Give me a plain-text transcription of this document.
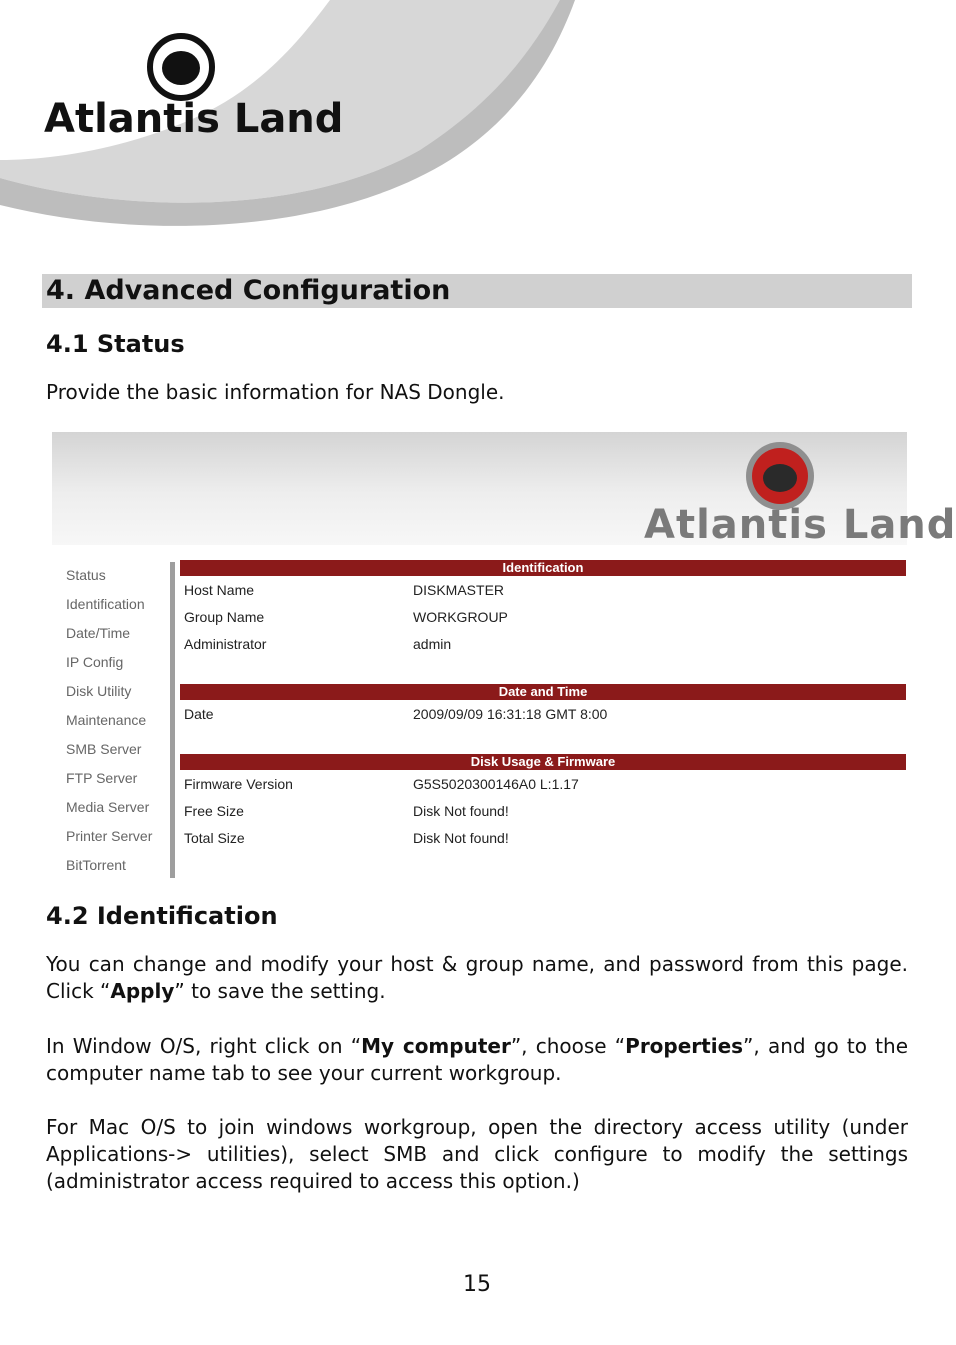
Atlantis Land
4. Advanced Configuration
4.1 Status

Provide the basic information for NAS Dongle.

Atlantis Land
Status
Identification
Date/Time
IP Config
Disk Utility
Maintenance
SMB Server
FTP Server
Media Server
Printer Server
BitTorrent
Identification
Host Name	DISKMASTER
Group Name	WORKGROUP
Administrator	admin
Date and Time
Date	2009/09/09 16:31:18 GMT 8:00
Disk Usage & Firmware
Firmware Version	G5S5020300146A0 L:1.17
Free Size	Disk Not found!
Total Size	Disk Not found!
4.2 Identification

You can change and modify your host & group name, and password from this page. Click “Apply” to save the setting.

In Window O/S, right click on “My computer”, choose “Properties”, and go to the computer name tab to see your current workgroup.

For Mac O/S to join windows workgroup, open the directory access utility (under Applications-> utilities), select SMB and click configure to modify the settings (administrator access required to access this option.)

15
